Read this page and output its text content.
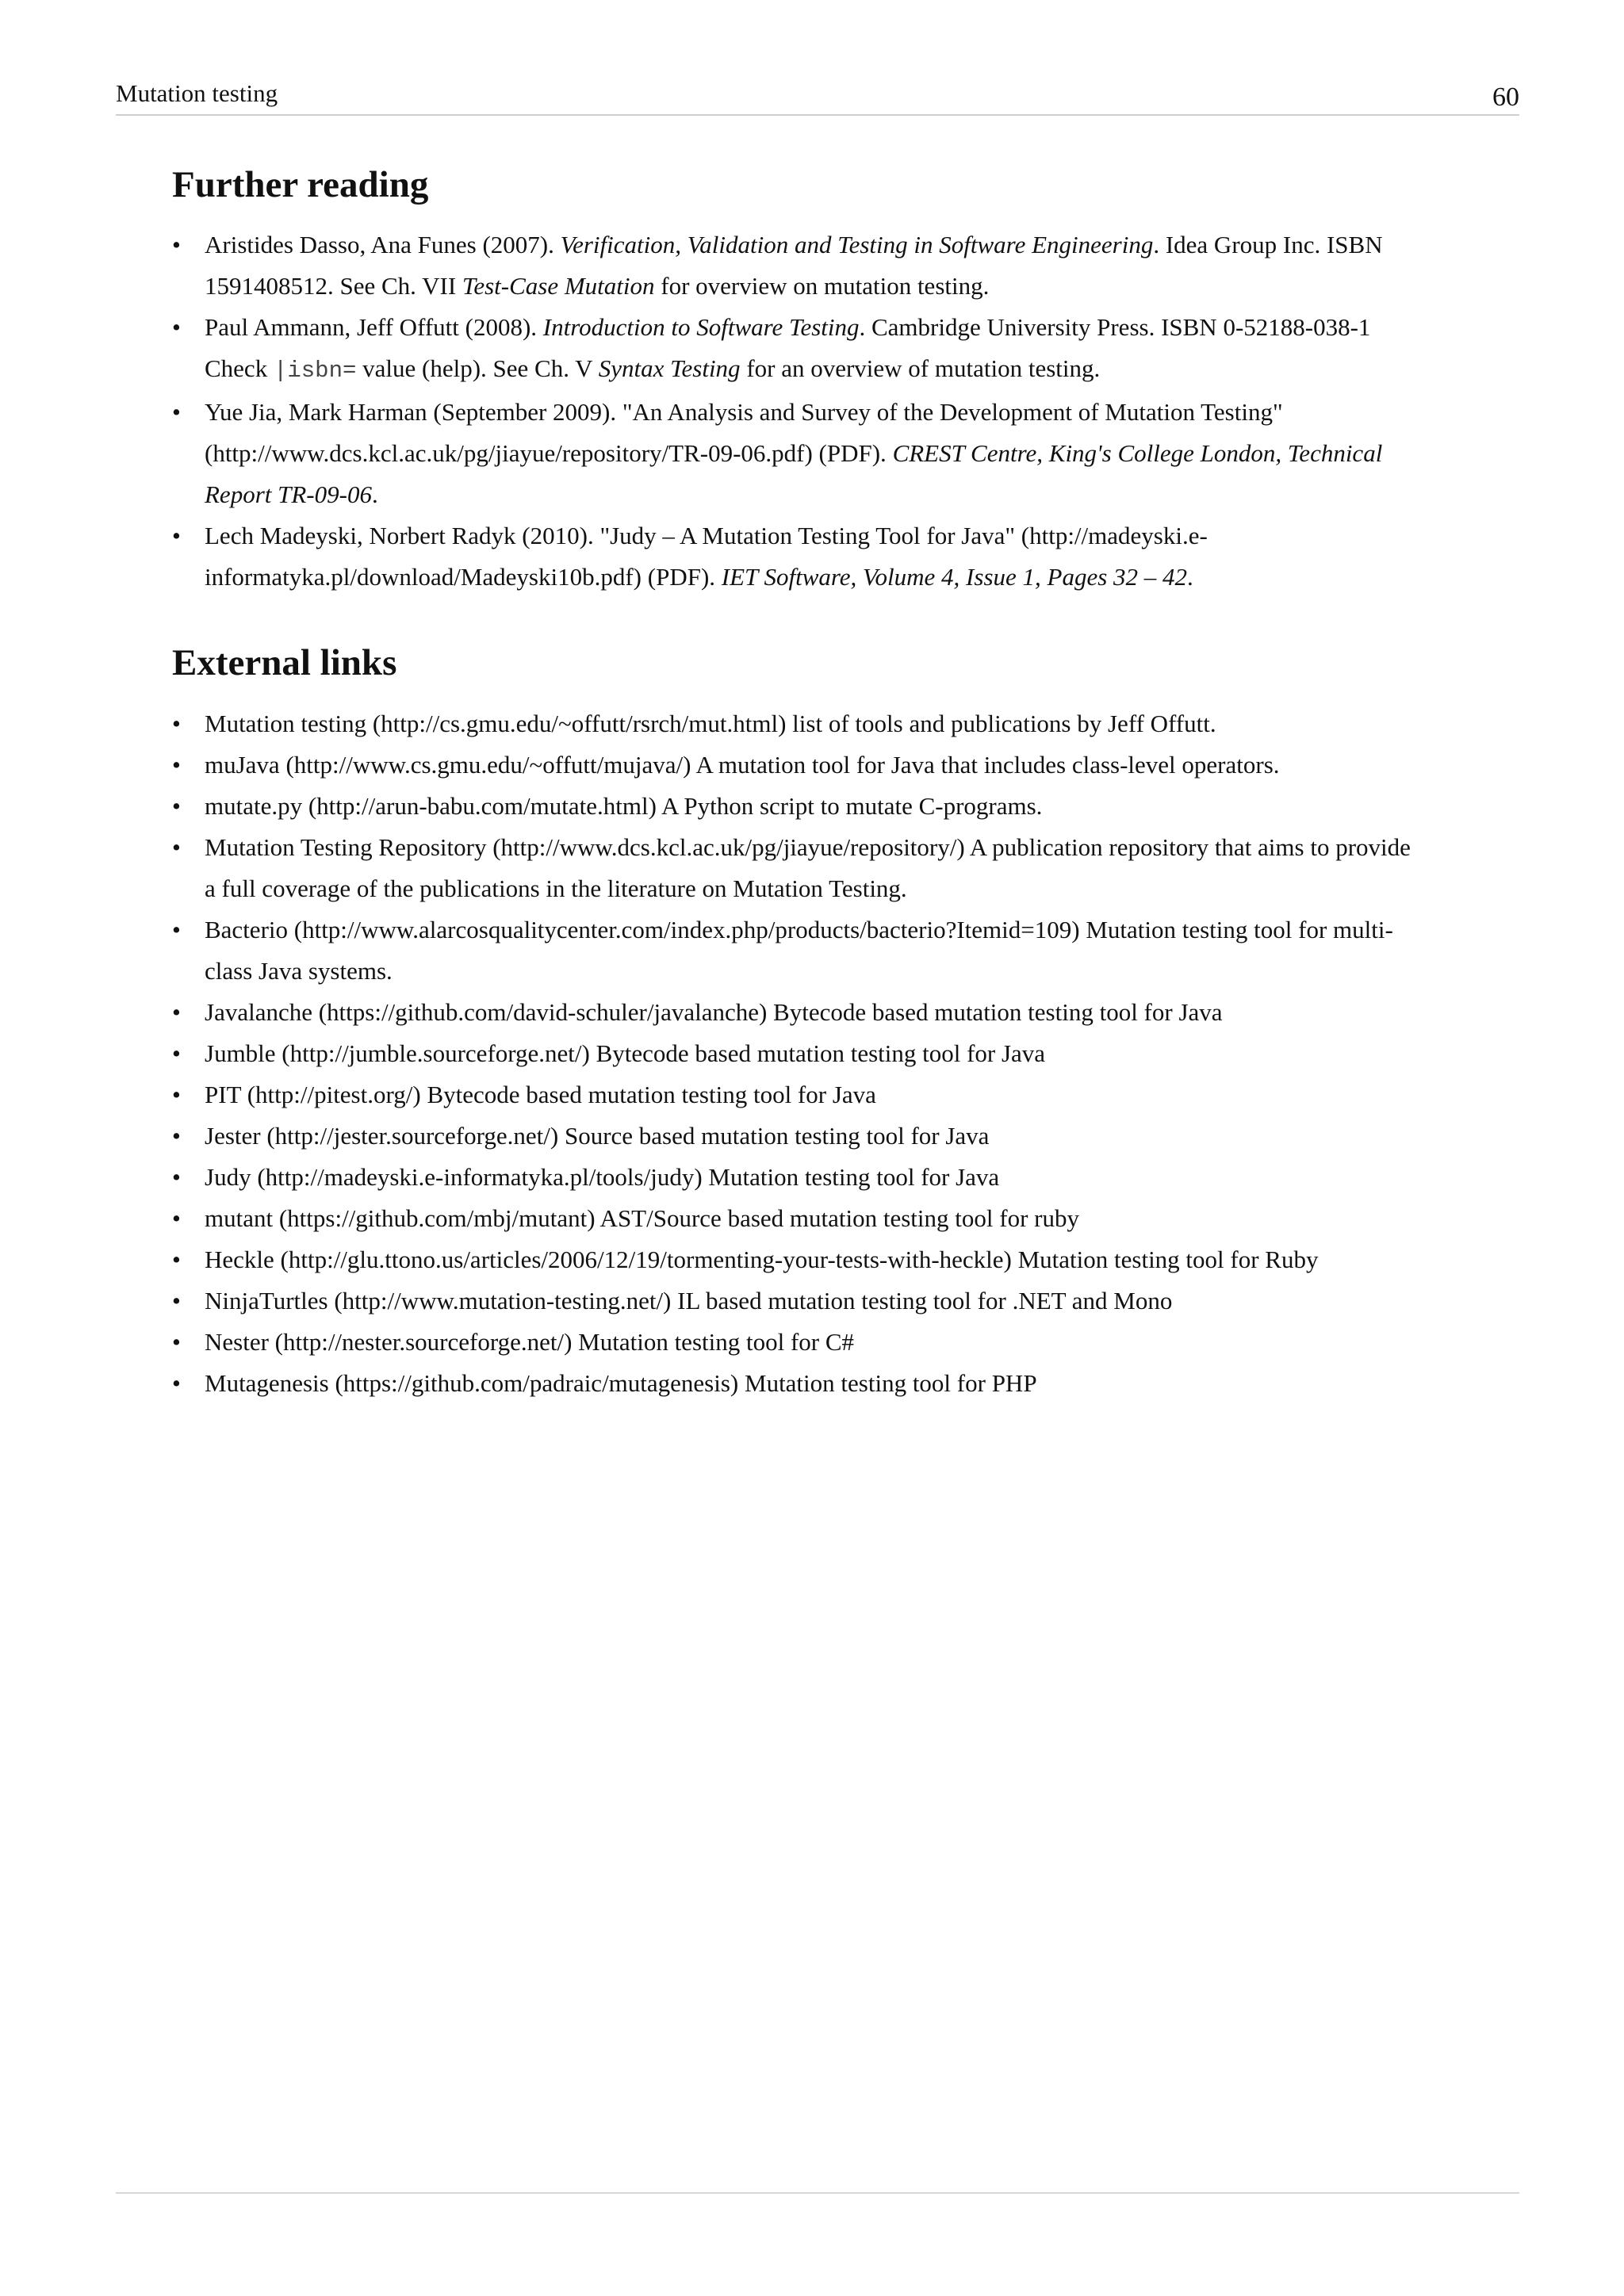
Mutation testing	60
Further reading
• Aristides Dasso, Ana Funes (2007). Verification, Validation and Testing in Software Engineering. Idea Group Inc. ISBN 1591408512. See Ch. VII Test-Case Mutation for overview on mutation testing.
• Paul Ammann, Jeff Offutt (2008). Introduction to Software Testing. Cambridge University Press. ISBN 0-52188-038-1 Check |isbn= value (help). See Ch. V Syntax Testing for an overview of mutation testing.
• Yue Jia, Mark Harman (September 2009). "An Analysis and Survey of the Development of Mutation Testing" (http://www.dcs.kcl.ac.uk/pg/jiayue/repository/TR-09-06.pdf) (PDF). CREST Centre, King's College London, Technical Report TR-09-06.
• Lech Madeyski, Norbert Radyk (2010). "Judy – A Mutation Testing Tool for Java" (http://madeyski.e-informatyka.pl/download/Madeyski10b.pdf) (PDF). IET Software, Volume 4, Issue 1, Pages 32 – 42.
External links
• Mutation testing (http://cs.gmu.edu/~offutt/rsrch/mut.html) list of tools and publications by Jeff Offutt.
• muJava (http://www.cs.gmu.edu/~offutt/mujava/) A mutation tool for Java that includes class-level operators.
• mutate.py (http://arun-babu.com/mutate.html) A Python script to mutate C-programs.
• Mutation Testing Repository (http://www.dcs.kcl.ac.uk/pg/jiayue/repository/) A publication repository that aims to provide a full coverage of the publications in the literature on Mutation Testing.
• Bacterio (http://www.alarcosqualitycenter.com/index.php/products/bacterio?Itemid=109) Mutation testing tool for multi-class Java systems.
• Javalanche (https://github.com/david-schuler/javalanche) Bytecode based mutation testing tool for Java
• Jumble (http://jumble.sourceforge.net/) Bytecode based mutation testing tool for Java
• PIT (http://pitest.org/) Bytecode based mutation testing tool for Java
• Jester (http://jester.sourceforge.net/) Source based mutation testing tool for Java
• Judy (http://madeyski.e-informatyka.pl/tools/judy) Mutation testing tool for Java
• mutant (https://github.com/mbj/mutant) AST/Source based mutation testing tool for ruby
• Heckle (http://glu.ttono.us/articles/2006/12/19/tormenting-your-tests-with-heckle) Mutation testing tool for Ruby
• NinjaTurtles (http://www.mutation-testing.net/) IL based mutation testing tool for .NET and Mono
• Nester (http://nester.sourceforge.net/) Mutation testing tool for C#
• Mutagenesis (https://github.com/padraic/mutagenesis) Mutation testing tool for PHP
